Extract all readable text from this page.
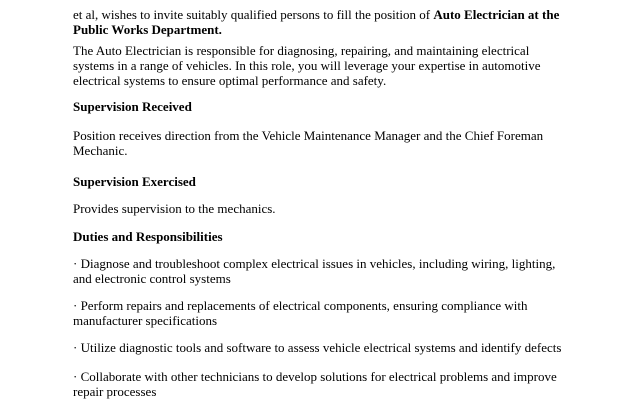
et al, wishes to invite suitably qualified persons to fill the position of Auto Electrician at the
Public Works Department.

The Auto Electrician is responsible for diagnosing, repairing, and maintaining electrical systems in a range of vehicles. In this role, you will leverage your expertise in automotive electrical systems to ensure optimal performance and safety.

Supervision Received

Position receives direction from the Vehicle Maintenance Manager and the Chief Foreman Mechanic.

Supervision Exercised

Provides supervision to the mechanics.

Duties and Responsibilities

· Diagnose and troubleshoot complex electrical issues in vehicles, including wiring, lighting, and electronic control systems

· Perform repairs and replacements of electrical components, ensuring compliance with manufacturer specifications

· Utilize diagnostic tools and software to assess vehicle electrical systems and identify defects

· Collaborate with other technicians to develop solutions for electrical problems and improve repair processes
